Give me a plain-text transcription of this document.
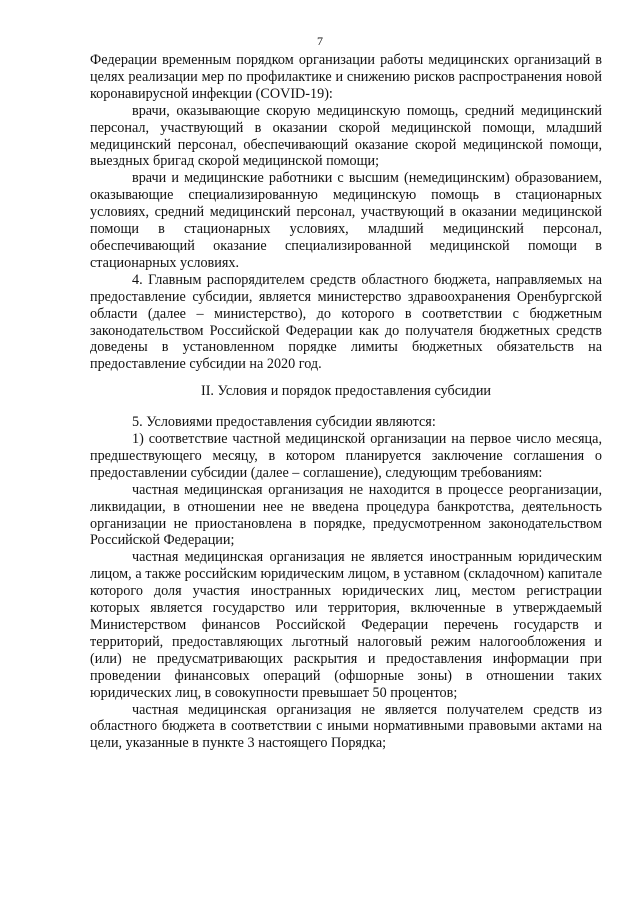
7

Федерации временным порядком организации работы медицинских организаций в целях реализации мер по профилактике и снижению рисков распространения новой коронавирусной инфекции (COVID-19):

врачи, оказывающие скорую медицинскую помощь, средний медицинский персонал, участвующий в оказании скорой медицинской помощи, младший медицинский персонал, обеспечивающий оказание скорой медицинской помощи, выездных бригад скорой медицинской помощи;

врачи и медицинские работники с высшим (немедицинским) образованием, оказывающие специализированную медицинскую помощь в стационарных условиях, средний медицинский персонал, участвующий в оказании медицинской помощи в стационарных условиях, младший медицинский персонал, обеспечивающий оказание специализированной медицинской помощи в стационарных условиях.

4. Главным распорядителем средств областного бюджета, направляемых на предоставление субсидии, является министерство здравоохранения Оренбургской области (далее – министерство), до которого в соответствии с бюджетным законодательством Российской Федерации как до получателя бюджетных средств доведены в установленном порядке лимиты бюджетных обязательств на предоставление субсидии на 2020 год.

II. Условия и порядок предоставления субсидии

5. Условиями предоставления субсидии являются:

1) соответствие частной медицинской организации на первое число месяца, предшествующего месяцу, в котором планируется заключение соглашения о предоставлении субсидии (далее – соглашение), следующим требованиям:

частная медицинская организация не находится в процессе реорганизации, ликвидации, в отношении нее не введена процедура банкротства, деятельность организации не приостановлена в порядке, предусмотренном законодательством Российской Федерации;

частная медицинская организация не является иностранным юридическим лицом, а также российским юридическим лицом, в уставном (складочном) капитале которого доля участия иностранных юридических лиц, местом регистрации которых является государство или территория, включенные в утверждаемый Министерством финансов Российской Федерации перечень государств и территорий, предоставляющих льготный налоговый режим налогообложения и (или) не предусматривающих раскрытия и предоставления информации при проведении финансовых операций (офшорные зоны) в отношении таких юридических лиц, в совокупности превышает 50 процентов;

частная медицинская организация не является получателем средств из областного бюджета в соответствии с иными нормативными правовыми актами на цели, указанные в пункте 3 настоящего Порядка;
